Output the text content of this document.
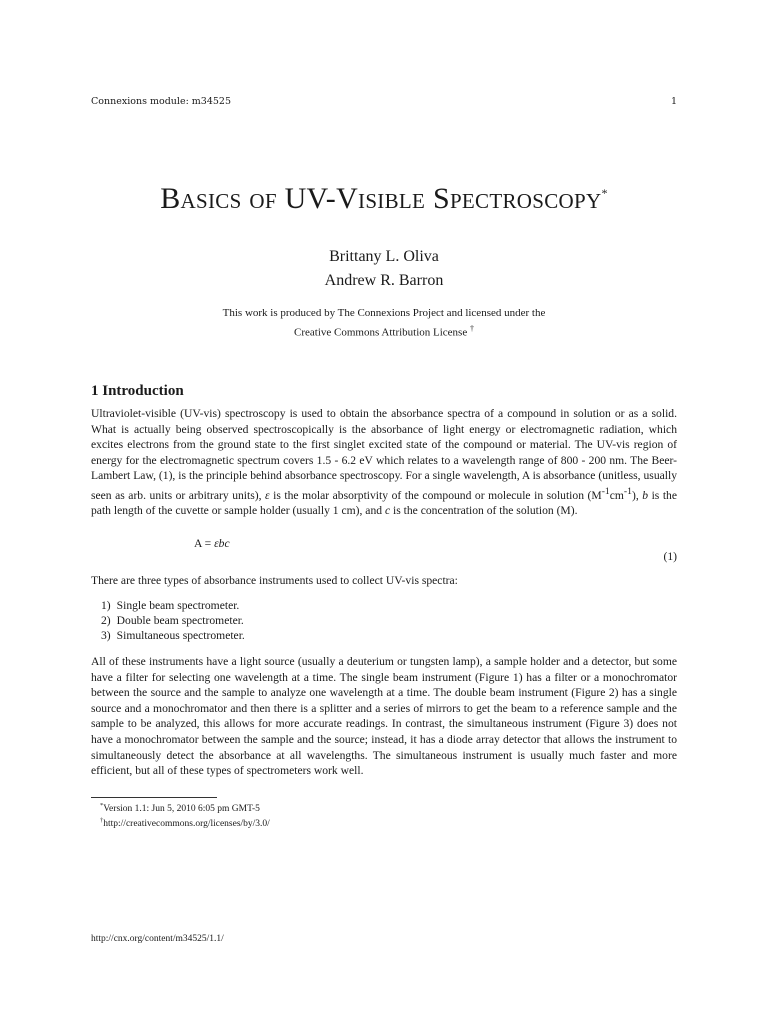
Connexions module: m34525	1
Basics of UV-Visible Spectroscopy*
Brittany L. Oliva
Andrew R. Barron
This work is produced by The Connexions Project and licensed under the
Creative Commons Attribution License †
1 Introduction
Ultraviolet-visible (UV-vis) spectroscopy is used to obtain the absorbance spectra of a compound in solution or as a solid. What is actually being observed spectroscopically is the absorbance of light energy or electromagnetic radiation, which excites electrons from the ground state to the first singlet excited state of the compound or material. The UV-vis region of energy for the electromagnetic spectrum covers 1.5 - 6.2 eV which relates to a wavelength range of 800 - 200 nm. The Beer-Lambert Law, (1), is the principle behind absorbance spectroscopy. For a single wavelength, A is absorbance (unitless, usually seen as arb. units or arbitrary units), ε is the molar absorptivity of the compound or molecule in solution $(M^{-1}cm^{-1})$, b is the path length of the cuvette or sample holder (usually 1 cm), and c is the concentration of the solution (M).
A = εbc
(1)
There are three types of absorbance instruments used to collect UV-vis spectra:
1) Single beam spectrometer.
2) Double beam spectrometer.
3) Simultaneous spectrometer.
All of these instruments have a light source (usually a deuterium or tungsten lamp), a sample holder and a detector, but some have a filter for selecting one wavelength at a time. The single beam instrument (Figure 1) has a filter or a monochromator between the source and the sample to analyze one wavelength at a time. The double beam instrument (Figure 2) has a single source and a monochromator and then there is a splitter and a series of mirrors to get the beam to a reference sample and the sample to be analyzed, this allows for more accurate readings. In contrast, the simultaneous instrument (Figure 3) does not have a monochromator between the sample and the source; instead, it has a diode array detector that allows the instrument to simultaneously detect the absorbance at all wavelengths. The simultaneous instrument is usually much faster and more efficient, but all of these types of spectrometers work well.
*Version 1.1: Jun 5, 2010 6:05 pm GMT-5
†http://creativecommons.org/licenses/by/3.0/
http://cnx.org/content/m34525/1.1/
